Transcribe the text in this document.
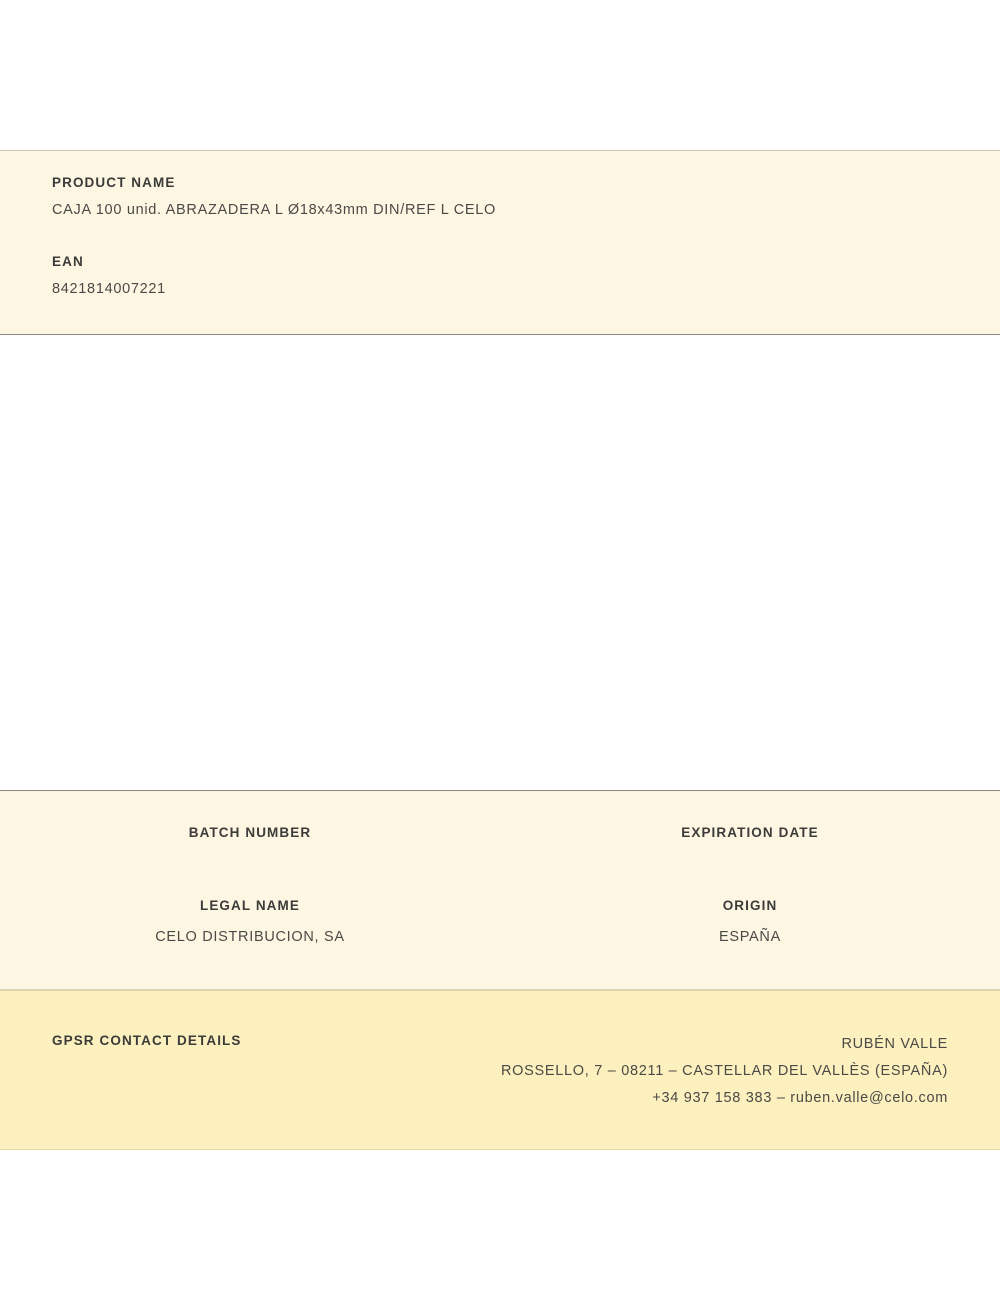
PRODUCT NAME
CAJA 100 unid. ABRAZADERA L Ø18x43mm DIN/REF L CELO
EAN
8421814007221
BATCH NUMBER	EXPIRATION DATE
LEGAL NAME
CELO DISTRIBUCION, SA
ORIGIN
ESPAÑA
GPSR CONTACT DETAILS	RUBÉN VALLE
ROSSELLO, 7 – 08211 – CASTELLAR DEL VALLÈS (ESPAÑA)
+34 937 158 383 – ruben.valle@celo.com
